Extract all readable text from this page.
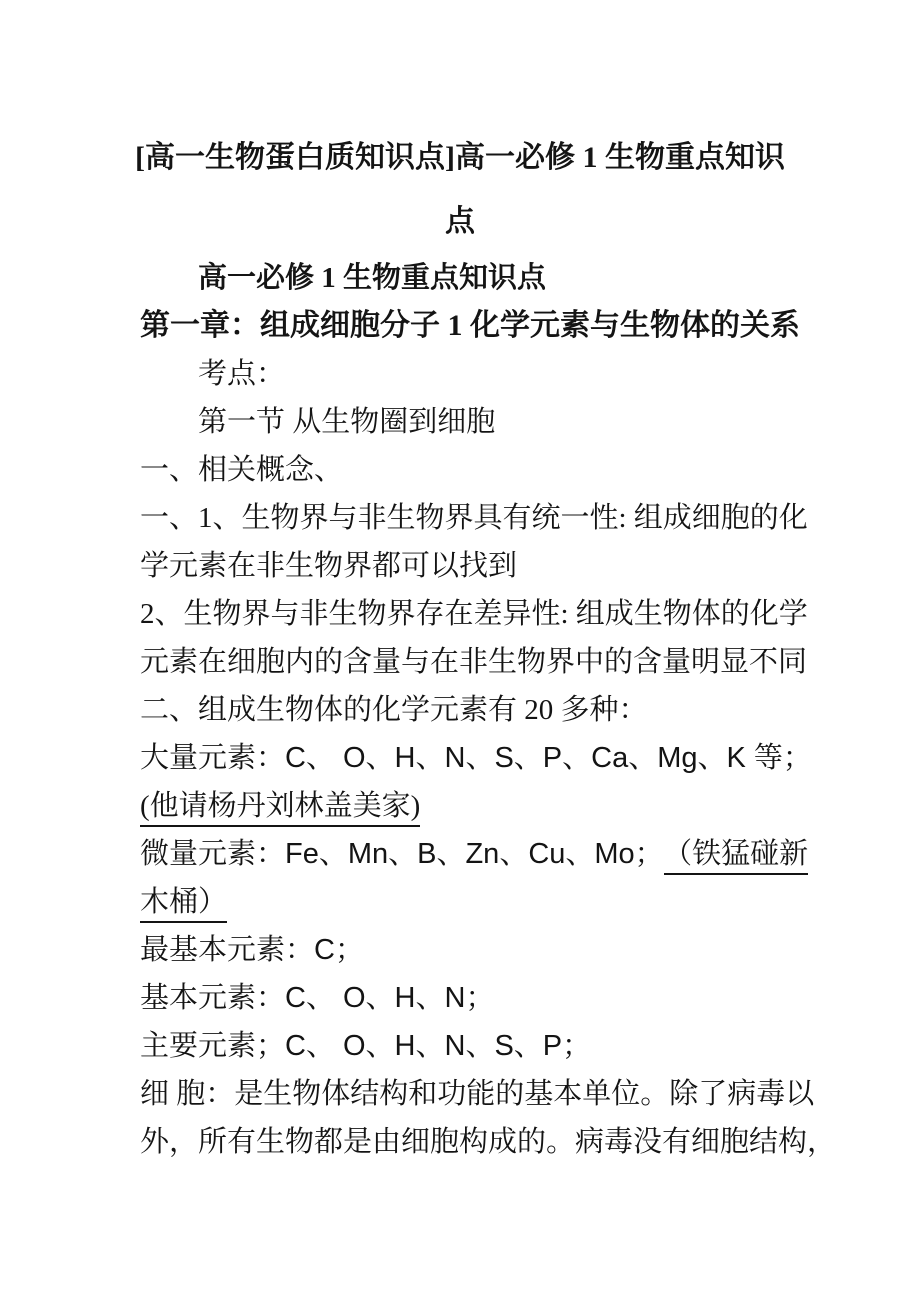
[高一生物蛋白质知识点]高一必修 1 生物重点知识
点
高一必修 1 生物重点知识点
第一章：组成细胞分子 1 化学元素与生物体的关系
考点：
第一节 从生物圈到细胞
一、相关概念、
一、1、生物界与非生物界具有统一性: 组成细胞的化
学元素在非生物界都可以找到
2、生物界与非生物界存在差异性: 组成生物体的化学
元素在细胞内的含量与在非生物界中的含量明显不同
二、组成生物体的化学元素有 20 多种：
大量元素：C、 O、H、N、S、P、Ca、Mg、K 等；
(他请杨丹刘林盖美家)
微量元素：Fe、Mn、B、Zn、Cu、Mo； （铁猛碰新
木桶）
最基本元素：C；
基本元素：C、 O、H、N；
主要元素；C、 O、H、N、S、P；
细 胞：是生物体结构和功能的基本单位。除了病毒以
外，所有生物都是由细胞构成的。病毒没有细胞结构，
